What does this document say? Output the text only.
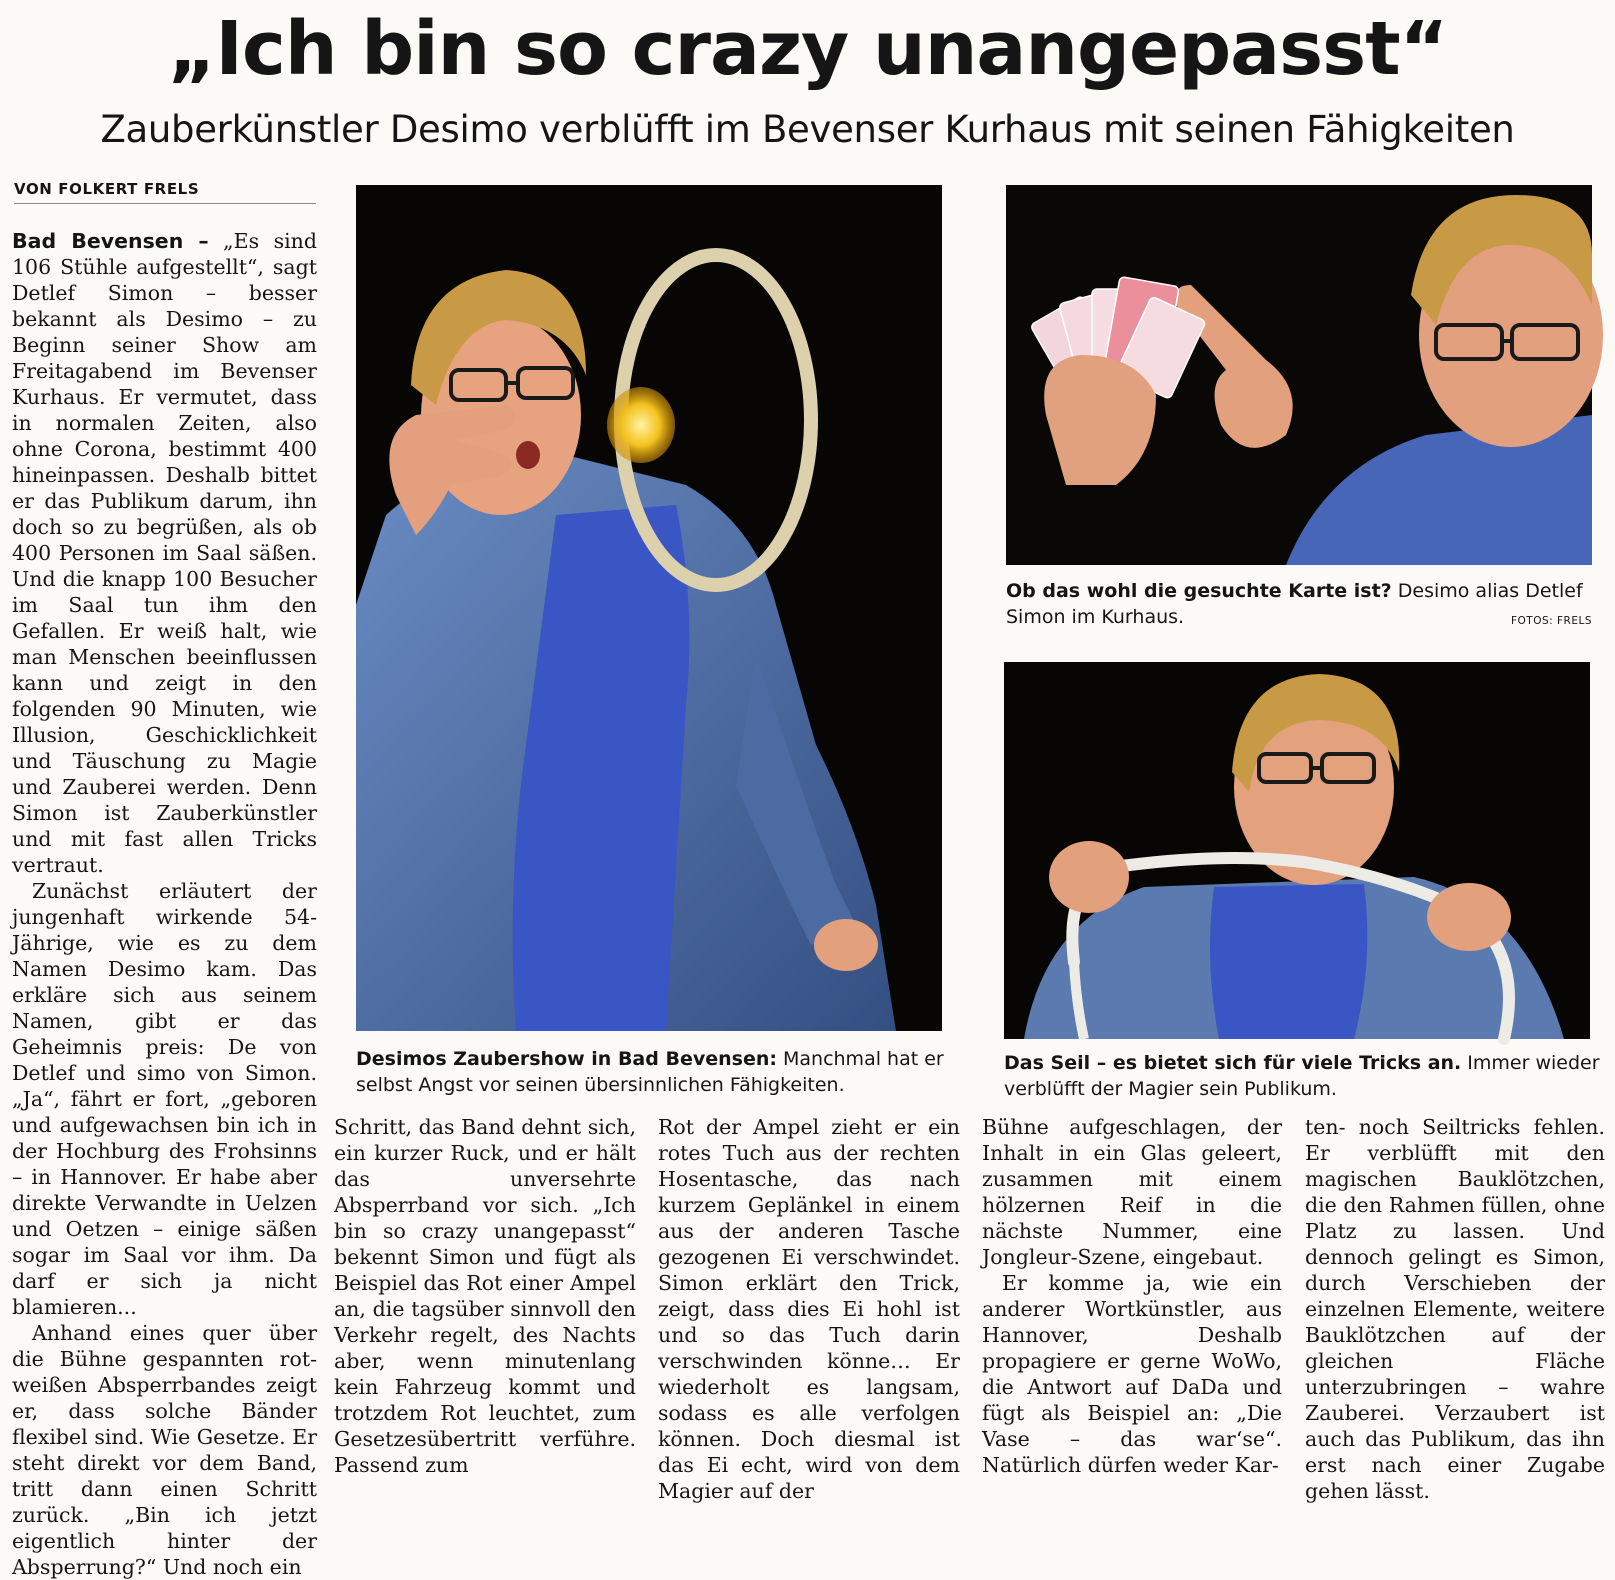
„Ich bin so crazy unangepasst“
Zauberkünstler Desimo verblüfft im Bevenser Kurhaus mit seinen Fähigkeiten
VON FOLKERT FRELS

Bad Bevensen – „Es sind 106 Stühle aufgestellt“, sagt Detlef Simon – besser bekannt als Desimo – zu Beginn seiner Show am Freitagabend im Bevenser Kurhaus. Er vermutet, dass in normalen Zeiten, also ohne Corona, bestimmt 400 hineinpassen. Deshalb bittet er das Publikum darum, ihn doch so zu begrüßen, als ob 400 Personen im Saal säßen. Und die knapp 100 Besucher im Saal tun ihm den Gefallen. Er weiß halt, wie man Menschen beeinflussen kann und zeigt in den folgenden 90 Minuten, wie Illusion, Geschicklichkeit und Täuschung zu Magie und Zauberei werden. Denn Simon ist Zauberkünstler und mit fast allen Tricks vertraut.

Zunächst erläutert der jungenhaft wirkende 54-Jährige, wie es zu dem Namen Desimo kam. Das erkläre sich aus seinem Namen, gibt er das Geheimnis preis: De von Detlef und simo von Simon. „Ja“, fährt er fort, „geboren und aufgewachsen bin ich in der Hochburg des Frohsinns – in Hannover. Er habe aber direkte Verwandte in Uelzen und Oetzen – einige säßen sogar im Saal vor ihm. Da darf er sich ja nicht blamieren...

Anhand eines quer über die Bühne gespannten rot-weißen Absperrbandes zeigt er, dass solche Bänder flexibel sind. Wie Gesetze. Er steht direkt vor dem Band, tritt dann einen Schritt zurück. „Bin ich jetzt eigentlich hinter der Absperrung?“ Und noch ein

Desimos Zaubershow in Bad Bevensen: Manchmal hat er selbst Angst vor seinen übersinnlichen Fähigkeiten.
Ob das wohl die gesuchte Karte ist? Desimo alias Detlef Simon im Kurhaus.	FOTOS: FRELS
Das Seil – es bietet sich für viele Tricks an. Immer wieder verblüfft der Magier sein Publikum.

Schritt, das Band dehnt sich, ein kurzer Ruck, und er hält das unversehrte Absperrband vor sich. „Ich bin so crazy unangepasst“ bekennt Simon und fügt als Beispiel das Rot einer Ampel an, die tagsüber sinnvoll den Verkehr regelt, des Nachts aber, wenn minutenlang kein Fahrzeug kommt und trotzdem Rot leuchtet, zum Gesetzesübertritt verführe. Passend zum

Rot der Ampel zieht er ein rotes Tuch aus der rechten Hosentasche, das nach kurzem Geplänkel in einem aus der anderen Tasche gezogenen Ei verschwindet. Simon erklärt den Trick, zeigt, dass dies Ei hohl ist und so das Tuch darin verschwinden könne… Er wiederholt es langsam, sodass es alle verfolgen können. Doch diesmal ist das Ei echt, wird von dem Magier auf der

Bühne aufgeschlagen, der Inhalt in ein Glas geleert, zusammen mit einem hölzernen Reif in die nächste Nummer, eine Jongleur-Szene, eingebaut.

Er komme ja, wie ein anderer Wortkünstler, aus Hannover, Deshalb propagiere er gerne WoWo, die Antwort auf DaDa und fügt als Beispiel an: „Die Vase – das war‘se“. Natürlich dürfen weder Kar-

ten- noch Seiltricks fehlen. Er verblüfft mit den magischen Bauklötzchen, die den Rahmen füllen, ohne Platz zu lassen. Und dennoch gelingt es Simon, durch Verschieben der einzelnen Elemente, weitere Bauklötzchen auf der gleichen Fläche unterzubringen – wahre Zauberei. Verzaubert ist auch das Publikum, das ihn erst nach einer Zugabe gehen lässt.
